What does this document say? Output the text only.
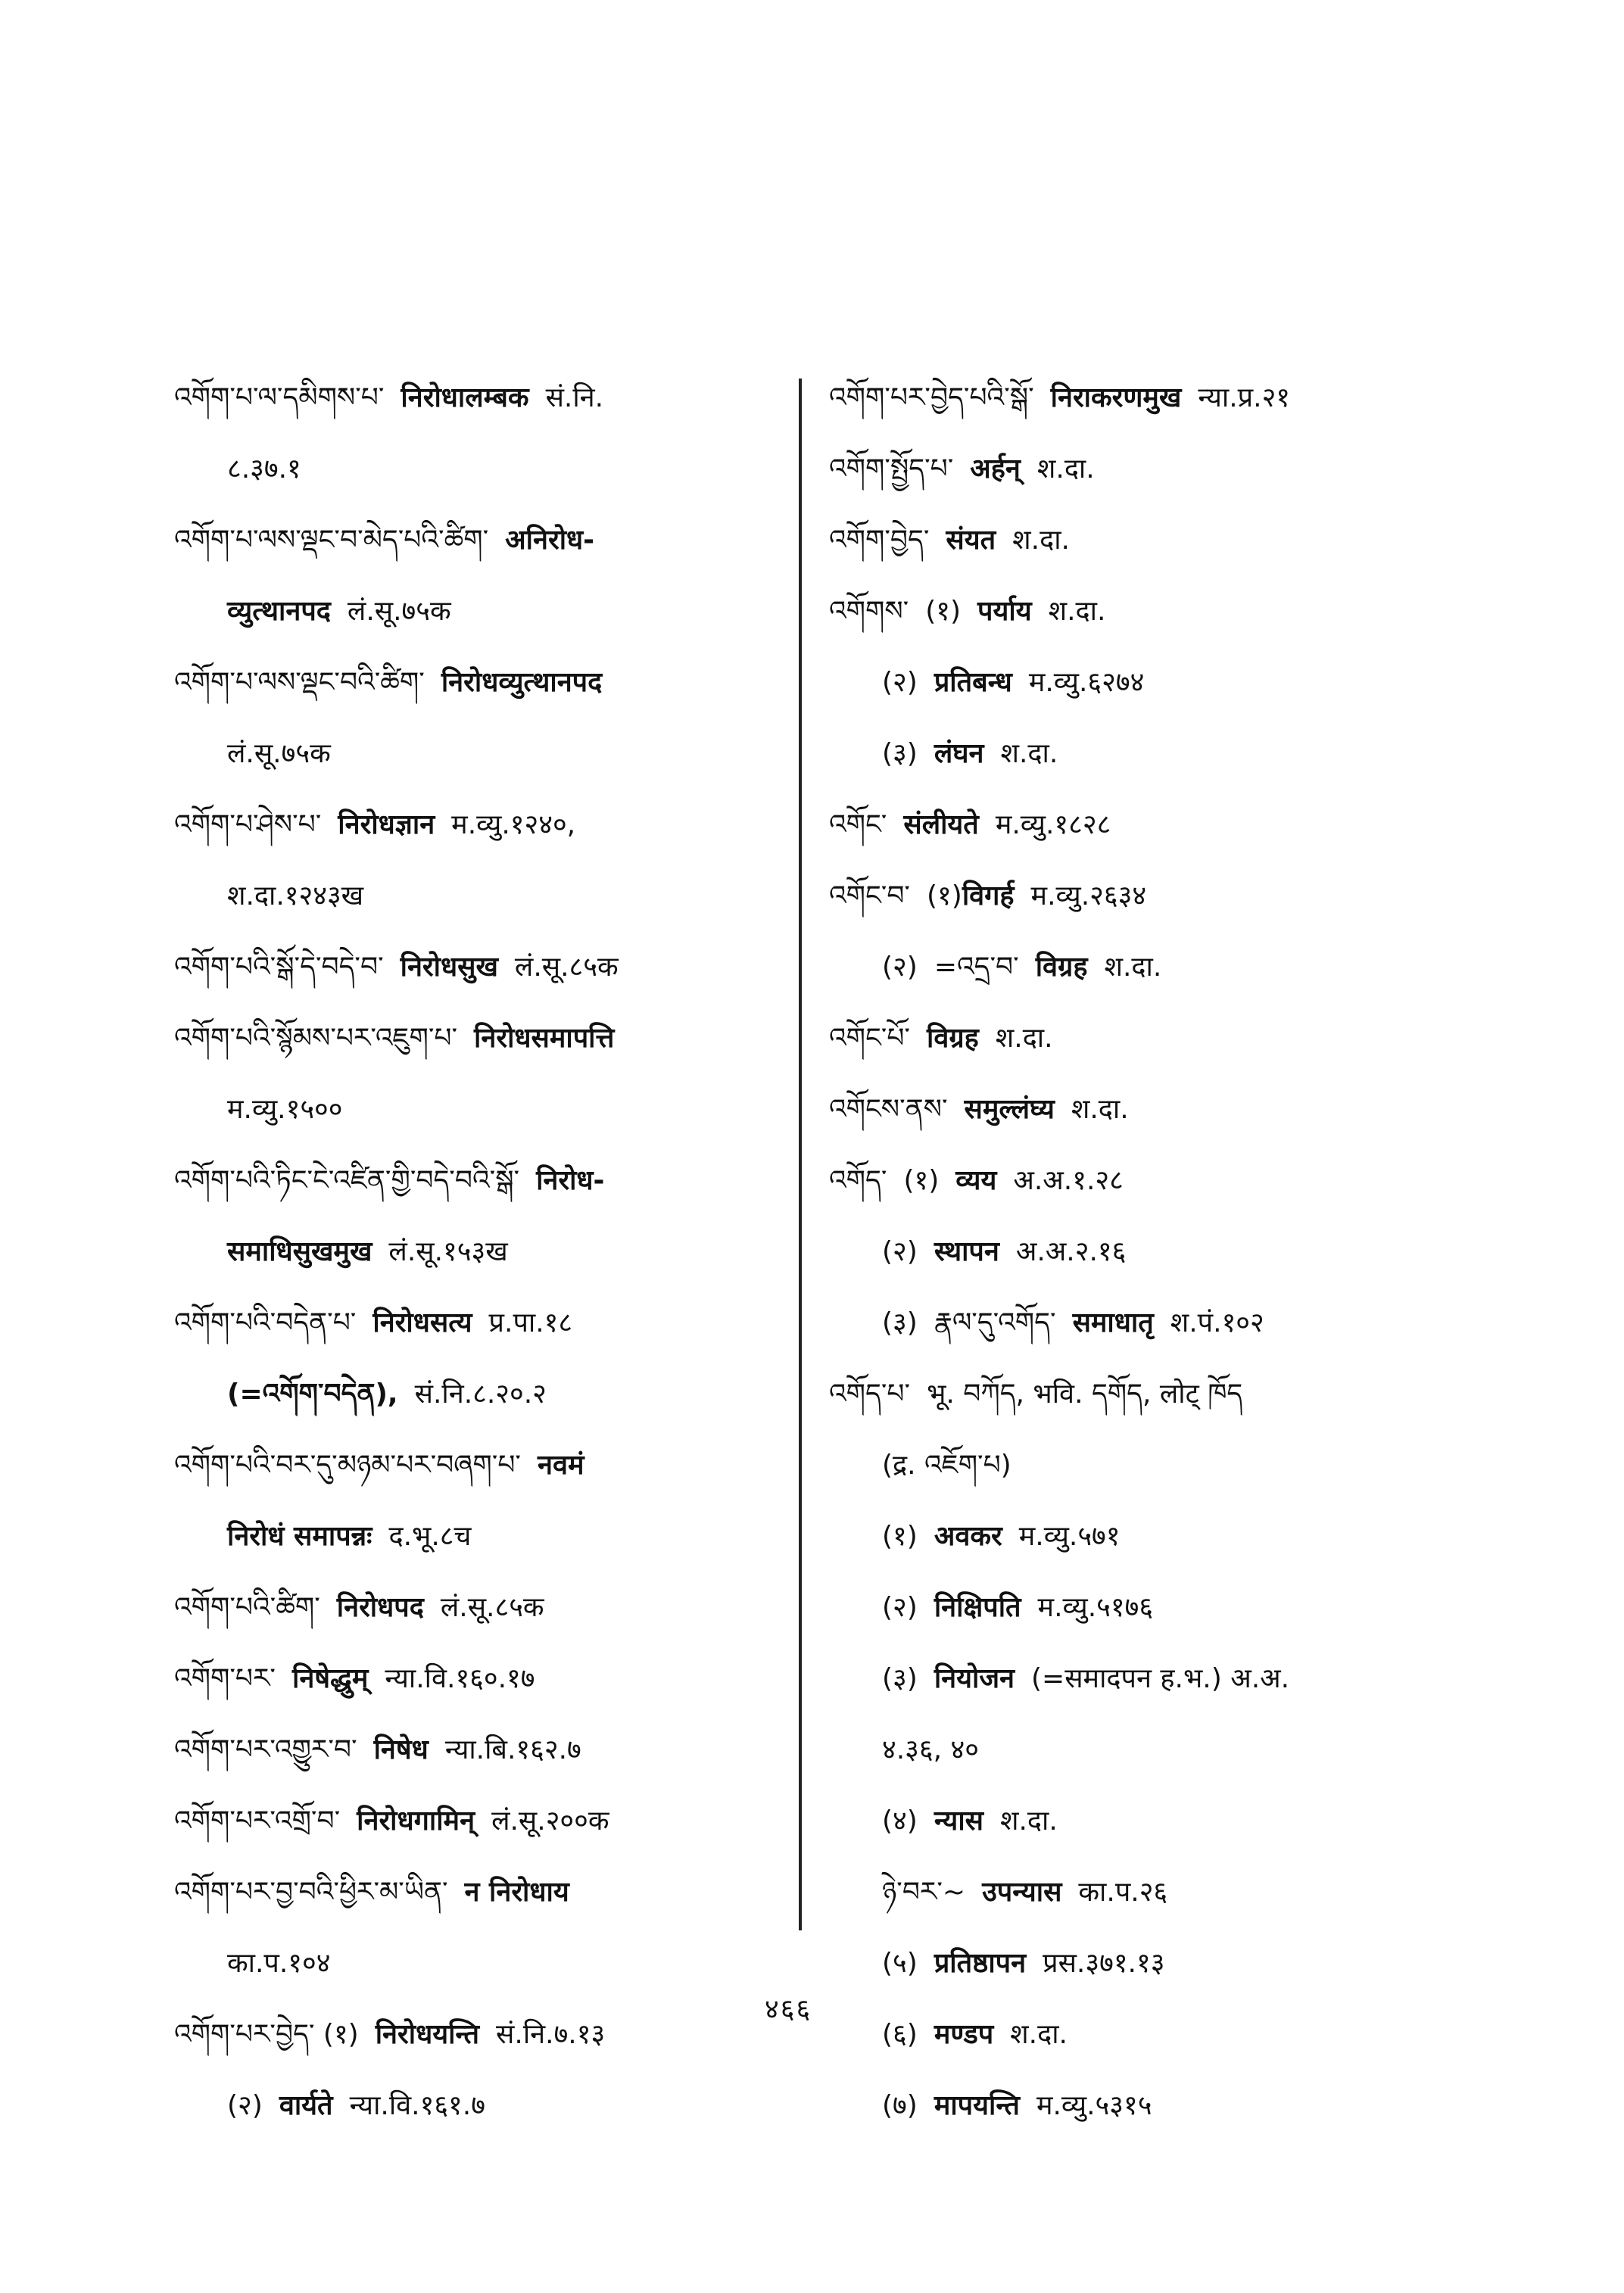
འགོག་པ་ལ་དམིགས་པ་ निरोधालम्बक सं.नि.
८.३७.१
འགོག་པ་ལས་ལྡང་བ་མེད་པའི་ཚིག་ अनिरोध-
व्युत्थानपद लं.सू.७५क
འགོག་པ་ལས་ལྡང་བའི་ཚིག་ निरोधव्युत्थानपद
लं.सू.७५क
འགོག་པ་ཤེས་པ་ निरोधज्ञान म.व्यु.१२४०,
श.दा.१२४३ख
འགོག་པའི་སྒོ་དེ་བདེ་བ་ निरोधसुख लं.सू.८५क
འགོག་པའི་སྙོམས་པར་འཇུག་པ་ निरोधसमापत्ति
म.व्यु.१५००
འགོག་པའི་ཏིང་ངེ་འཛིན་གྱི་བདེ་བའི་སྒོ་ निरोध-
समाधिसुखमुख लं.सू.१५३ख
འགོག་པའི་བདེན་པ་ निरोधसत्य प्र.पा.१८
(=འགོག་བདེན), सं.नि.८.२०.२
འགོག་པའི་བར་དུ་མཉམ་པར་བཞག་པ་ नवमं
निरोधं समापन्नः द.भू.८च
འགོག་པའི་ཚིག་ निरोधपद लं.सू.८५क
འགོག་པར་ निषेद्धुम् न्या.वि.१६०.१७
འགོག་པར་འགྱུར་བ་ निषेध न्या.बि.१६२.७
འགོག་པར་འགྲོ་བ་ निरोधगामिन् लं.सू.२००क
འགོག་པར་བྱ་བའི་ཕྱིར་མ་ཡིན་ न निरोधाय
का.प.१०४
འགོག་པར་བྱེད་ (१) निरोधयन्ति सं.नि.७.१३
(२) वार्यते न्या.वि.१६१.७
འགོག་པར་བྱེད་པའི་སྒོ་ निराकरणमुख न्या.प्र.२१
འགོག་སྤྱོད་པ་ अर्हन् श.दा.
འགོག་བྱེད་ संयत श.दा.
འགོགས་ (१) पर्याय श.दा.
(२) प्रतिबन्ध म.व्यु.६२७४
(३) लंघन श.दा.
འགོང་ संलीयते म.व्यु.१८२८
འགོང་བ་ (१) विगर्ह म.व्यु.२६३४
(२) =འདྲ་བ་ विग्रह श.दा.
འགོང་པོ་ विग्रह श.दा.
འགོངས་ནས་ समुल्लंघ्य श.दा.
འགོད་ (१) व्यय अ.अ.१.२८
(२) स्थापन अ.अ.२.१६
(३) རྣལ་དུ་འགོད་ समाधातृ श.पं.१०२
འགོད་པ་ भू. བཀོད, भवि. དགོད, लोट् ཁོད
(द्र. འཇོག་པ)
(१) अवकर म.व्यु.५७१
(२) निक्षिपति म.व्यु.५१७६
(३) नियोजन (=समादपन ह.भ.) अ.अ.
४.३६, ४०
(४) न्यास श.दा.
ཉེ་བར་~ उपन्यास का.प.२६
(५) प्रतिष्ठापन प्रस.३७१.१३
(६) मण्डप श.दा.
(७) मापयन्ति म.व्यु.५३१५
४६६
